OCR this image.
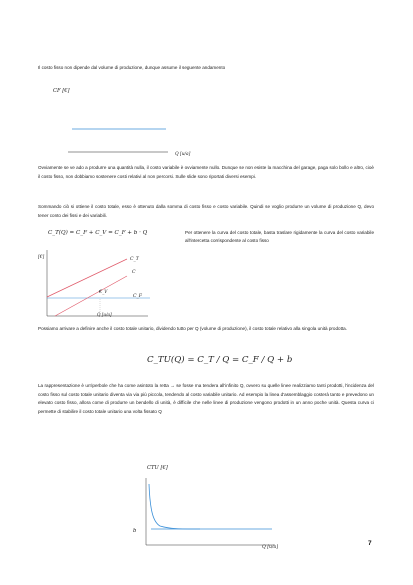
Il costo fisso non dipende dal volume di produzione, dunque assume il seguente andamento
CF [€]
Q [u/a]
Ovviamente se ve ado a produrre una quantità nulla, il costo variabile è ovviamente nullo. Dunque se non esiste la macchina del garage, paga solo bollo e altro, cioè il costo fisso, non dobbiamo sostenere costi relativi al non percorsi. Sulle slide sono riportati diversi esempi.
Sommando ciò si ottiene il costo totale, esso è ottenuto dalla somma di costo fisso e costo variabile. Quindi se voglio produrre un volume di produzione Q, devo tener conto dei fissi e dei variabili.
C_T(Q) = C_F + C_V = C_F + b · Q
[€]	C_T
C
C_V
C_F
Q [u/a]
Per ottenere la curva del costo totale, basta traslare rigidamente la curva del costo variabile all'intercetta corrispondente al costo fisso
Possiamo arrivare a definire anche il costo totale unitario, dividendo tutto per Q (volume di produzione), il costo totale relativo alla singola unità prodotta.
C_TU(Q) = C_T / Q = C_F / Q + b
La rappresentazione è un'iperbole che ha come asintoto la retta → se fosse ma tendera all'infinito Q, ovvero su quelle linee realizziamo tanti prodotti, l'incidenza del costo fisso sul costo totale unitario diventa via via più piccola, tendendo al costo variabile unitario. Ad esempio la linea d'assemblaggio costerà tanto e prevedono un elevato costo fisso, allora come di produrre un bendello di unità, è difficile che nelle linee di produzione vengono prodotti in un anno poche unità. Questa curva ci permette di stabilire il costo totale unitario una volta fissato Q
CTU [€]
b
Q [u/a]
7
